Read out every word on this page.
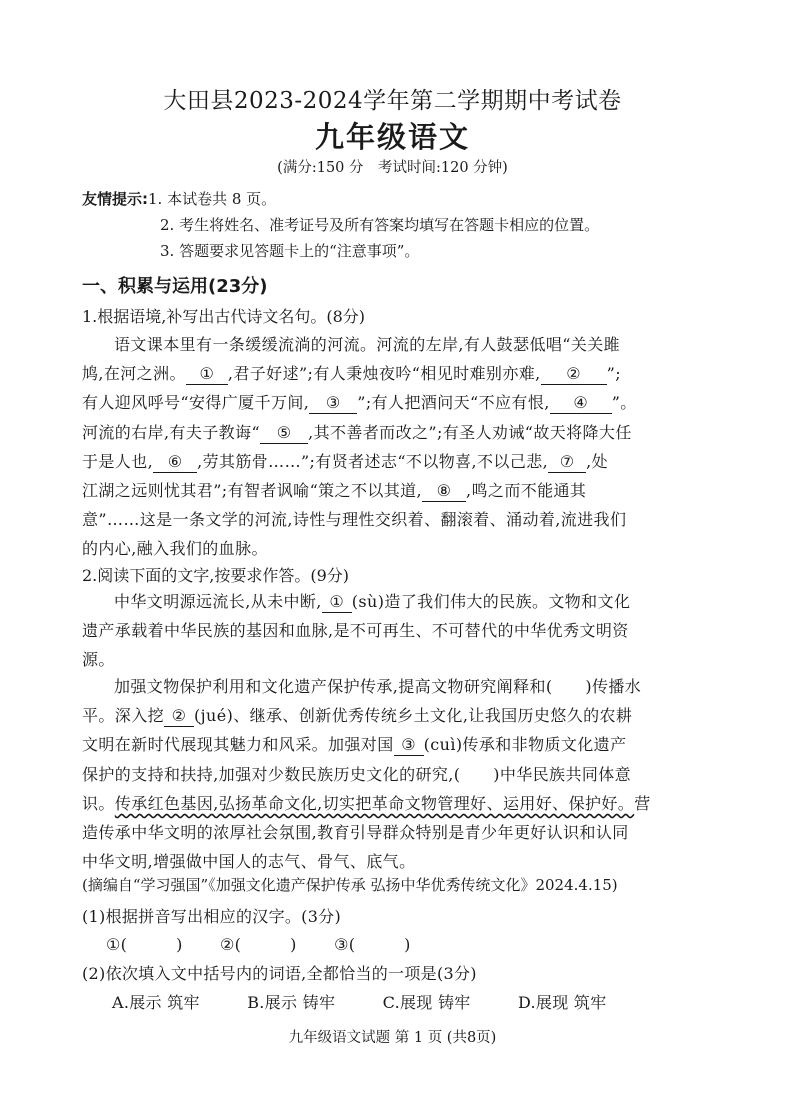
大田县2023-2024学年第二学期期中考试卷
九年级语文
(满分:150 分　考试时间:120 分钟)
友情提示:1. 本试卷共 8 页。
2. 考生将姓名、准考证号及所有答案均填写在答题卡相应的位置。
3. 答题要求见答题卡上的“注意事项”。
一、积累与运用(23分)
1.根据语境,补写出古代诗文名句。(8分)
语文课本里有一条缓缓流淌的河流。河流的左岸,有人鼓瑟低唱“关关雎
鸠,在河之洲。 ① ,君子好逑”;有人秉烛夜吟“相见时难别亦难, ② ”;
有人迎风呼号“安得广厦千万间, ③ ”;有人把酒问天“不应有恨, ④ ”。
河流的右岸,有夫子教诲“ ⑤ ,其不善者而改之”;有圣人劝诫“故天将降大任
于是人也, ⑥ ,劳其筋骨……”;有贤者述志“不以物喜,不以己悲, ⑦ ,处
江湖之远则忧其君”;有智者讽喻“策之不以其道, ⑧ ,鸣之而不能通其
意”……这是一条文学的河流,诗性与理性交织着、翻滚着、涌动着,流进我们
的内心,融入我们的血脉。
2.阅读下面的文字,按要求作答。(9分)
中华文明源远流长,从未中断, ① (sù)造了我们伟大的民族。文物和文化
遗产承载着中华民族的基因和血脉,是不可再生、不可替代的中华优秀文明资
源。
加强文物保护利用和文化遗产保护传承,提高文物研究阐释和(　　)传播水
平。深入挖 ② (jué)、继承、创新优秀传统乡土文化,让我国历史悠久的农耕
文明在新时代展现其魅力和风采。加强对国 ③ (cuì)传承和非物质文化遗产
保护的支持和扶持,加强对少数民族历史文化的研究,(　　)中华民族共同体意
识。传承红色基因,弘扬革命文化,切实把革命文物管理好、运用好、保护好。营
造传承中华文明的浓厚社会氛围,教育引导群众特别是青少年更好认识和认同
中华文明,增强做中国人的志气、骨气、底气。
(摘编自“学习强国”《加强文化遗产保护传承 弘扬中华优秀传统文化》2024.4.15)
(1)根据拼音写出相应的汉字。(3分)
①(　　　) ②(　　　) ③(　　　)
(2)依次填入文中括号内的词语,全都恰当的一项是(3分)
A.展示 筑牢	B.展示 铸牢	C.展现 铸牢	D.展现 筑牢
九年级语文试题 第 1 页 (共8页)
